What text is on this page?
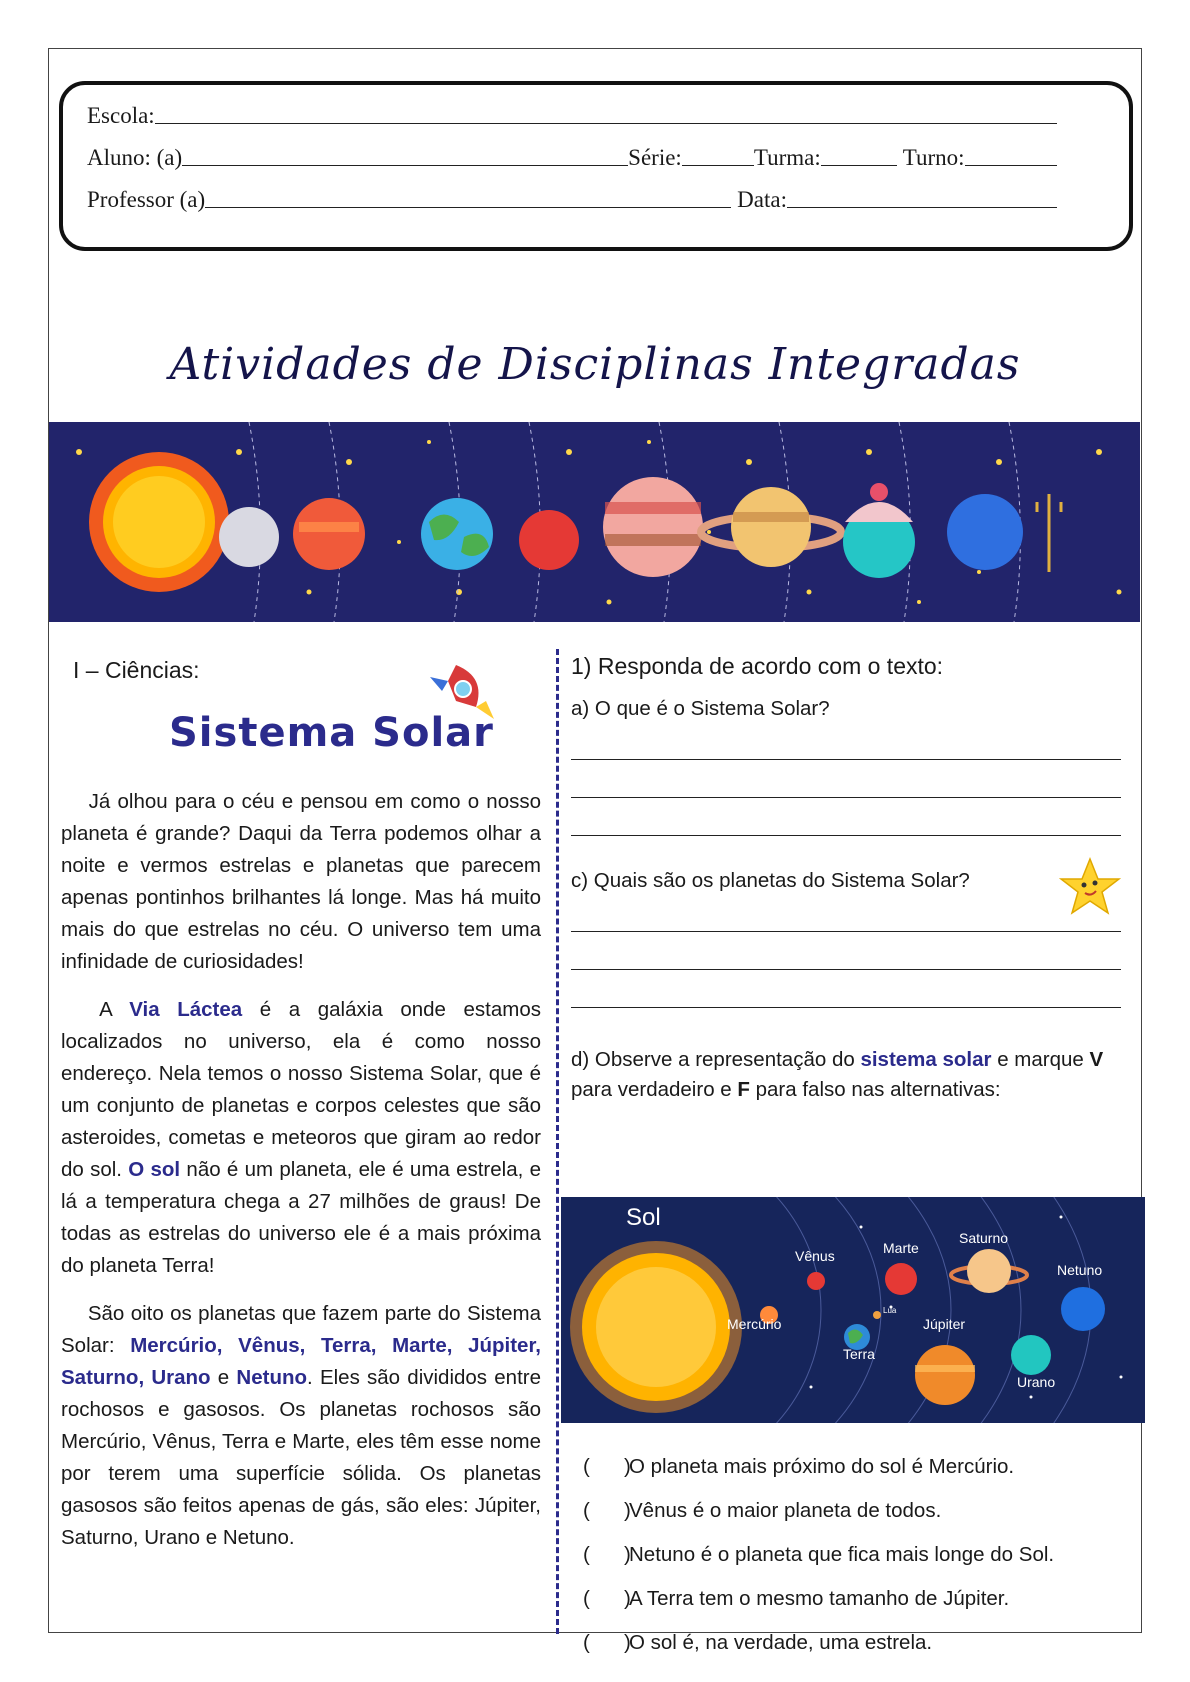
Escola:
Aluno: (a)	Série:	Turma:	Turno:
Professor (a)	Data:
Atividades de Disciplinas Integradas
I – Ciências:
Sistema Solar

  Já olhou para o céu e pensou em como o nosso planeta é grande? Daqui da Terra podemos olhar a noite e vermos estrelas e planetas que parecem apenas pontinhos brilhantes lá longe. Mas há muito mais do que estrelas no céu. O universo tem uma infinidade de curiosidades!

  A Via Láctea é a galáxia onde estamos localizados no universo, ela é como nosso endereço. Nela temos o nosso Sistema Solar, que é um conjunto de planetas e corpos celestes que são asteroides, cometas e meteoros que giram ao redor do sol. O sol não é um planeta, ele é uma estrela, e lá a temperatura chega a 27 milhões de graus! De todas as estrelas do universo ele é a mais próxima do planeta Terra!

  São oito os planetas que fazem parte do Sistema Solar: Mercúrio, Vênus, Terra, Marte, Júpiter, Saturno, Urano e Netuno. Eles são divididos entre rochosos e gasosos. Os planetas rochosos são Mercúrio, Vênus, Terra e Marte, eles têm esse nome por terem uma superfície sólida. Os planetas gasosos são feitos apenas de gás, são eles: Júpiter, Saturno, Urano e Netuno.

1) Responda de acordo com o texto:
a) O que é o Sistema Solar?
c) Quais são os planetas do Sistema Solar?
d) Observe a representação do sistema solar e marque V para verdadeiro e F para falso nas alternativas:
Sol
Mercúrio
Vênus
Terra
Lua
Marte
Júpiter
Saturno
Urano
Netuno
(      )
O planeta mais próximo do sol é Mercúrio.
(      )
Vênus é o maior planeta de todos.
(      )
Netuno é o planeta que fica mais longe do Sol.
(      )
A Terra tem o mesmo tamanho de Júpiter.
(      )
O sol é, na verdade, uma estrela.
